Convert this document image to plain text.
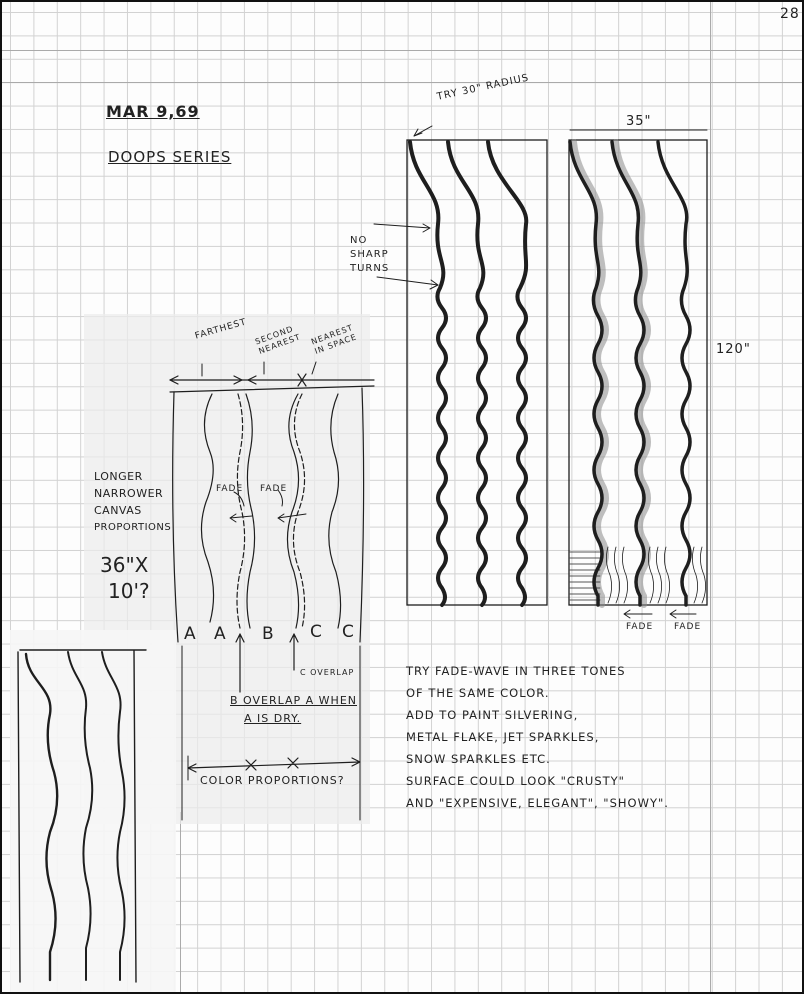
28
MAR 9,69
DOOPS SERIES
TRY 30" RADIUS
35"
120"
NO
SHARP
TURNS
FADE FADE
FARTHEST SECOND NEAREST NEAREST IN SPACE
LONGER
NARROWER
CANVAS
PROPORTIONS
36"X
10'?
FADE FADE
A A B C C
C OVERLAP
B OVERLAP A WHEN
A IS DRY.
COLOR PROPORTIONS?
TRY FADE-WAVE IN THREE TONES
OF THE SAME COLOR.
ADD TO PAINT SILVERING,
METAL FLAKE, JET SPARKLES,
SNOW SPARKLES ETC.
SURFACE COULD LOOK "CRUSTY"
AND "EXPENSIVE, ELEGANT", "SHOWY".
